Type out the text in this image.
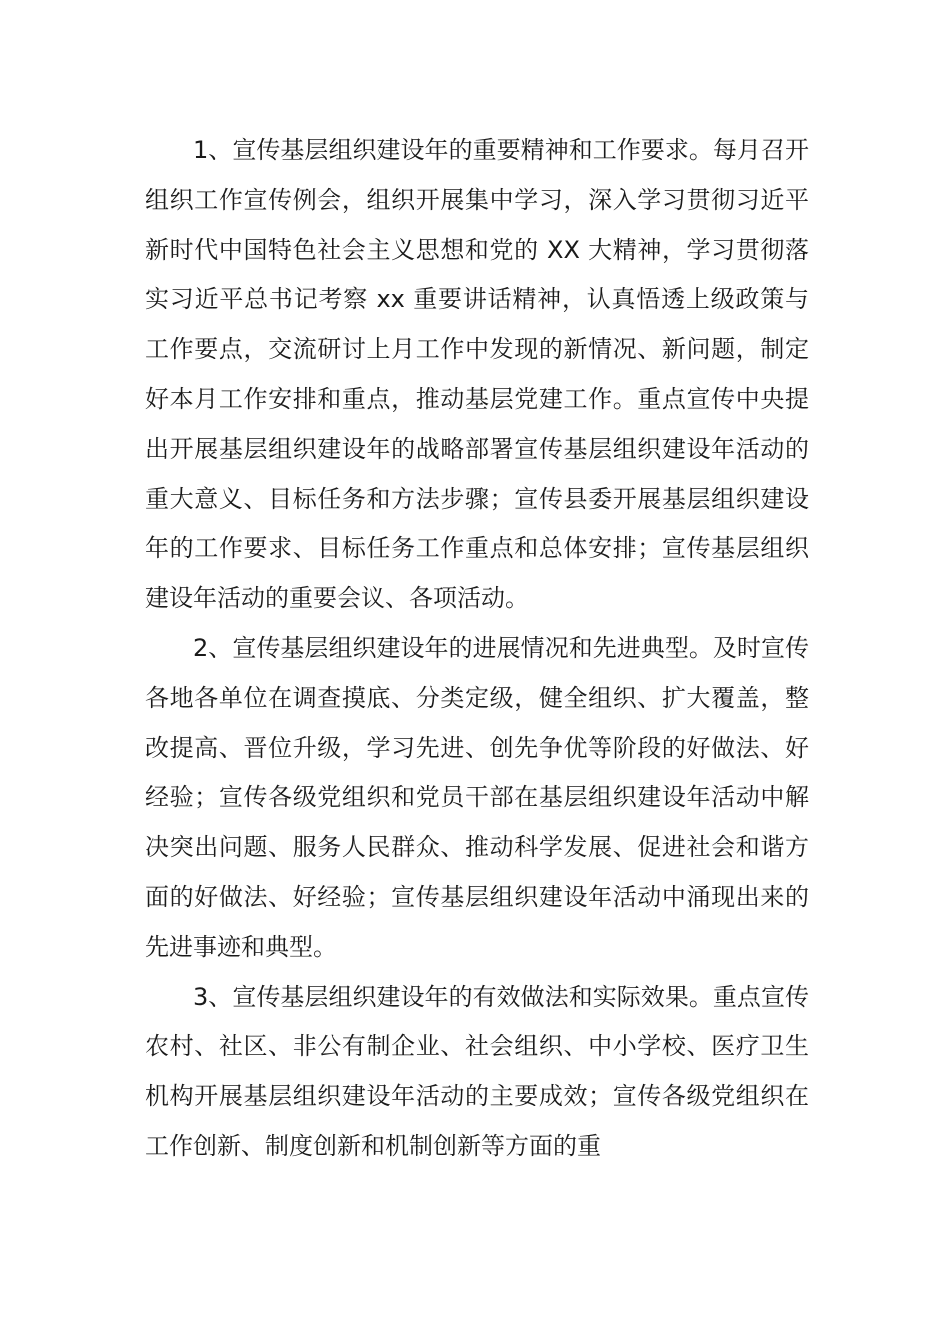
1、宣传基层组织建设年的重要精神和工作要求。每月召开组织工作宣传例会，组织开展集中学习，深入学习贯彻习近平新时代中国特色社会主义思想和党的 XX 大精神，学习贯彻落实习近平总书记考察 xx 重要讲话精神，认真悟透上级政策与工作要点，交流研讨上月工作中发现的新情况、新问题，制定好本月工作安排和重点，推动基层党建工作。重点宣传中央提出开展基层组织建设年的战略部署宣传基层组织建设年活动的重大意义、目标任务和方法步骤；宣传县委开展基层组织建设年的工作要求、目标任务工作重点和总体安排；宣传基层组织建设年活动的重要会议、各项活动。

2、宣传基层组织建设年的进展情况和先进典型。及时宣传各地各单位在调查摸底、分类定级，健全组织、扩大覆盖，整改提高、晋位升级，学习先进、创先争优等阶段的好做法、好经验；宣传各级党组织和党员干部在基层组织建设年活动中解决突出问题、服务人民群众、推动科学发展、促进社会和谐方面的好做法、好经验；宣传基层组织建设年活动中涌现出来的先进事迹和典型。

3、宣传基层组织建设年的有效做法和实际效果。重点宣传农村、社区、非公有制企业、社会组织、中小学校、医疗卫生机构开展基层组织建设年活动的主要成效；宣传各级党组织在工作创新、制度创新和机制创新等方面的重
